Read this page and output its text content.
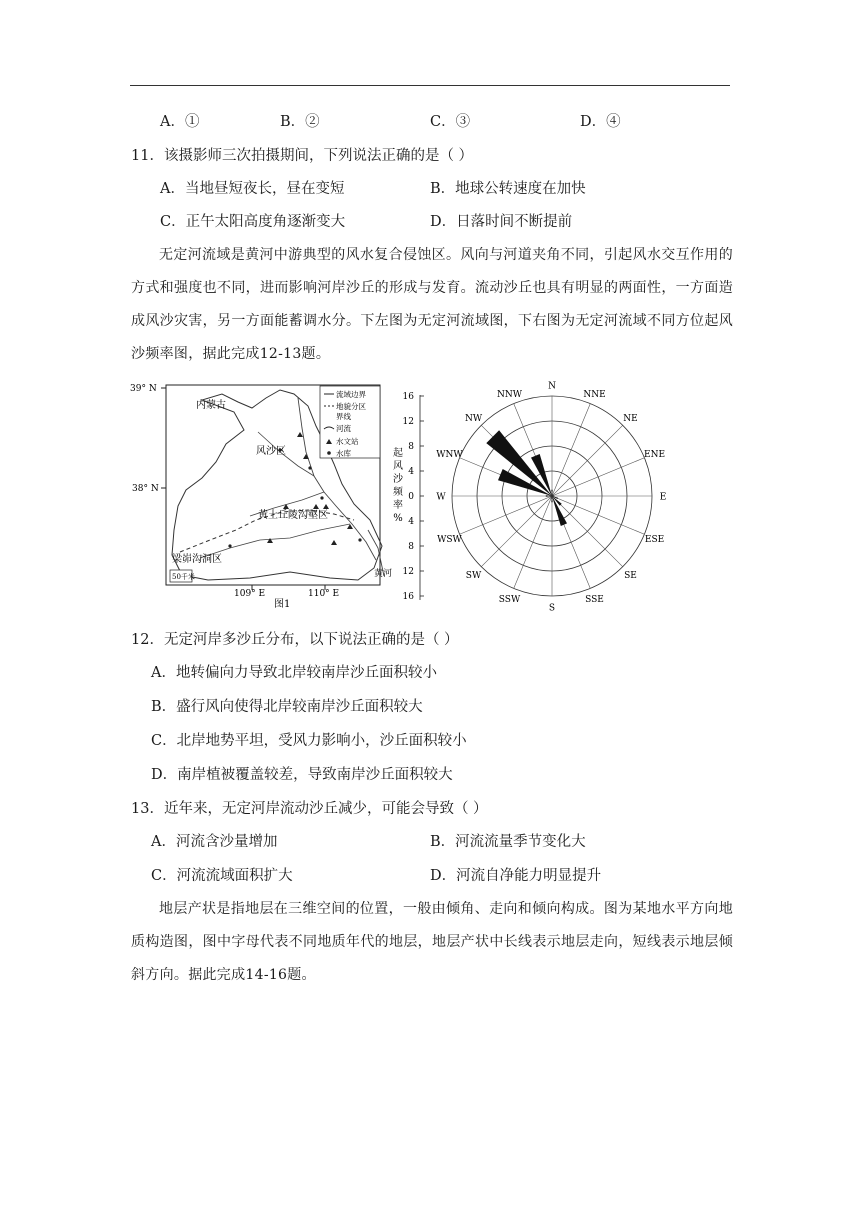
A．①	B．②	C．③	D．④
11．该摄影师三次拍摄期间，下列说法正确的是（ ）
A．当地昼短夜长，昼在变短	B．地球公转速度在加快
C．正午太阳高度角逐渐变大	D．日落时间不断提前
无定河流域是黄河中游典型的风水复合侵蚀区。风向与河道夹角不同，引起风水交互作用的方式和强度也不同，进而影响河岸沙丘的形成与发育。流动沙丘也具有明显的两面性，一方面造成风沙灾害，另一方面能蓄调水分。下左图为无定河流域图，下右图为无定河流域不同方位起风沙频率图，据此完成12-13题。
39° N
38° N
109° E	110° E
图1
内蒙古
风沙区
黄土丘陵沟壑区
梁峁沟洞区
黄河
50千米
流域边界
地貌分区
界线
河流
水文站
水库
16
12
8
4
0
4
8
12
16
起
风
沙
频
率
%
N
NNE
NE
ENE
E
ESE
SE
SSE
S
SSW
SW
WSW
W
WNW
NW
NNW
12．无定河岸多沙丘分布，以下说法正确的是（ ）
A．地转偏向力导致北岸较南岸沙丘面积较小
B．盛行风向使得北岸较南岸沙丘面积较大
C．北岸地势平坦，受风力影响小，沙丘面积较小
D．南岸植被覆盖较差，导致南岸沙丘面积较大
13．近年来，无定河岸流动沙丘减少，可能会导致（ ）
A．河流含沙量增加	B．河流流量季节变化大
C．河流流域面积扩大	D．河流自净能力明显提升
地层产状是指地层在三维空间的位置，一般由倾角、走向和倾向构成。图为某地水平方向地质构造图，图中字母代表不同地质年代的地层，地层产状中长线表示地层走向，短线表示地层倾斜方向。据此完成14-16题。
